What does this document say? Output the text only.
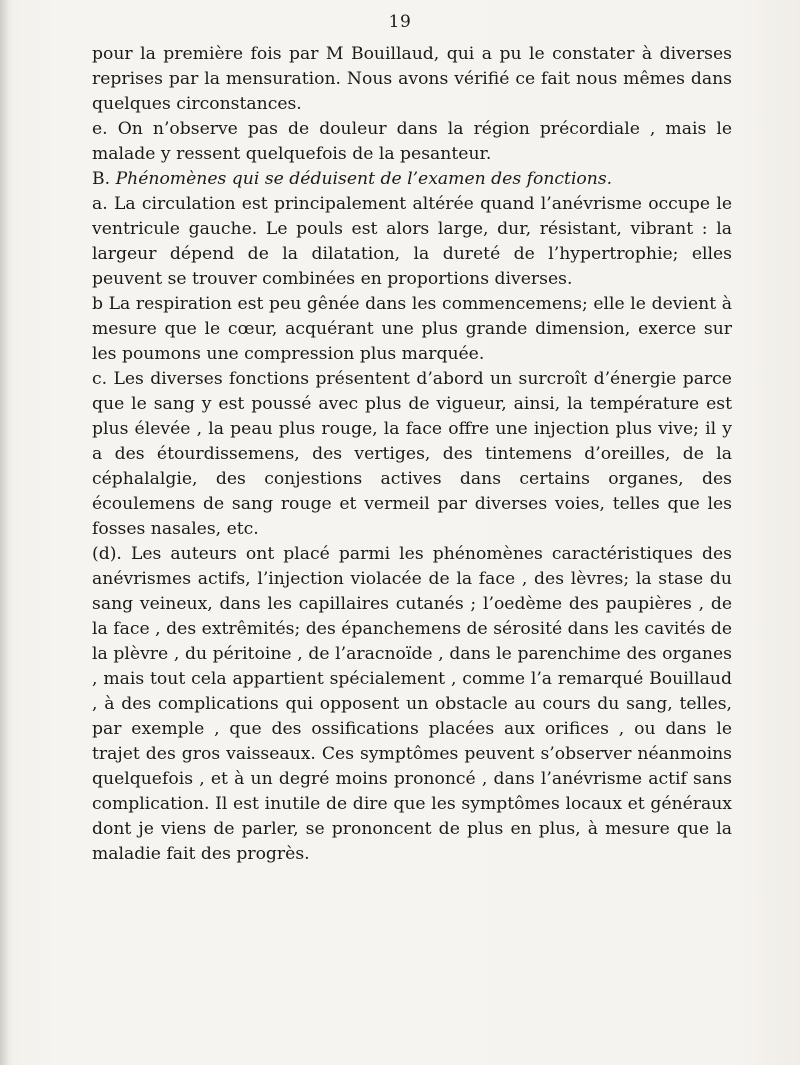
19

pour la première fois par M Bouillaud, qui a pu le constater à diverses reprises par la mensuration. Nous avons vérifié ce fait nous mêmes dans quelques circonstances.

e. On n’observe pas de douleur dans la région précordiale , mais le malade y ressent quelquefois de la pesanteur.

B. Phénomènes qui se déduisent de l’examen des fonctions.

a. La circulation est principalement altérée quand l’anévrisme occupe le ventricule gauche. Le pouls est alors large, dur, résistant, vibrant : la largeur dépend de la dilatation, la dureté de l’hypertrophie; elles peuvent se trouver combinées en proportions diverses.

b La respiration est peu gênée dans les commencemens; elle le devient à mesure que le cœur, acquérant une plus grande dimension, exerce sur les poumons une compression plus marquée.

c. Les diverses fonctions présentent d’abord un surcroît d’énergie parce que le sang y est poussé avec plus de vigueur, ainsi, la température est plus élevée , la peau plus rouge, la face offre une injection plus vive; il y a des étourdissemens, des vertiges, des tintemens d’oreilles, de la céphalalgie, des conjestions actives dans certains organes, des écoulemens de sang rouge et vermeil par diverses voies, telles que les fosses nasales, etc.

(d). Les auteurs ont placé parmi les phénomènes caractéristiques des anévrismes actifs, l’injection violacée de la face , des lèvres; la stase du sang veineux, dans les capillaires cutanés ; l’oedème des paupières , de la face , des extrêmités; des épanchemens de sérosité dans les cavités de la plèvre , du péritoine , de l’aracnoïde , dans le parenchime des organes , mais tout cela appartient spécialement , comme l’a remarqué Bouillaud , à des complications qui opposent un obstacle au cours du sang, telles, par exemple , que des ossifications placées aux orifices , ou dans le trajet des gros vaisseaux. Ces symptômes peuvent s’observer néanmoins quelquefois , et à un degré moins prononcé , dans l’anévrisme actif sans complication. Il est inutile de dire que les symptômes locaux et généraux dont je viens de parler, se prononcent de plus en plus, à mesure que la maladie fait des progrès.
